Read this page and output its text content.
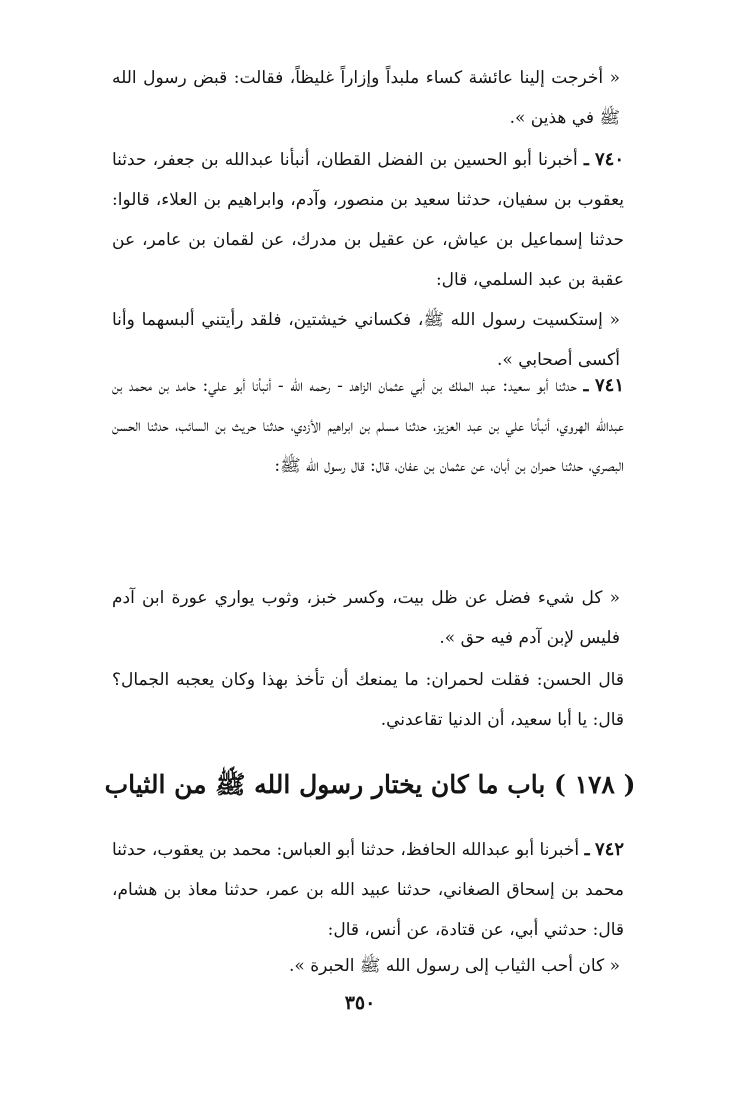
« أخرجت إلينا عائشة كساء ملبداً وإزاراً غليظاً، فقالت: قبض رسول الله ﷺ في هذين ».

٧٤٠ ـ أخبرنا أبو الحسين بن الفضل القطان، أنبأنا عبدالله بن جعفر، حدثنا يعقوب بن سفيان، حدثنا سعيد بن منصور، وآدم، وابراهيم بن العلاء، قالوا: حدثنا إسماعيل بن عياش، عن عقيل بن مدرك، عن لقمان بن عامر، عن عقبة بن عبد السلمي، قال:

« إستكسيت رسول الله ﷺ، فكساني خيشتين، فلقد رأيتني ألبسهما وأنا أكسى أصحابي ».

٧٤١ ـ حدثنا أبو سعيد: عبد الملك بن أبي عثمان الزاهد - رحمه الله - أنبأنا أبو علي: حامد بن محمد بن عبدالله الهروي، أنبأنا علي بن عبد العزيز، حدثنا مسلم بن ابراهيم الأزدي، حدثنا حريث بن السائب، حدثنا الحسن البصري، حدثنا حمران بن أبان، عن عثمان بن عفان، قال: قال رسول الله ﷺ:

« كل شيء فضل عن ظل بيت، وكسر خبز، وثوب يواري عورة ابن آدم فليس لإبن آدم فيه حق ».

قال الحسن: فقلت لحمران: ما يمنعك أن تأخذ بهذا وكان يعجبه الجمال؟ قال: يا أبا سعيد، أن الدنيا تقاعدني.

( ١٧٨ ) باب ما كان يختار رسول الله ﷺ من الثياب

٧٤٢ ـ أخبرنا أبو عبدالله الحافظ، حدثنا أبو العباس: محمد بن يعقوب، حدثنا محمد بن إسحاق الصغاني، حدثنا عبيد الله بن عمر، حدثنا معاذ بن هشام، قال: حدثني أبي، عن قتادة، عن أنس، قال:

« كان أحب الثياب إلى رسول الله ﷺ الحبرة ».

٣٥٠
